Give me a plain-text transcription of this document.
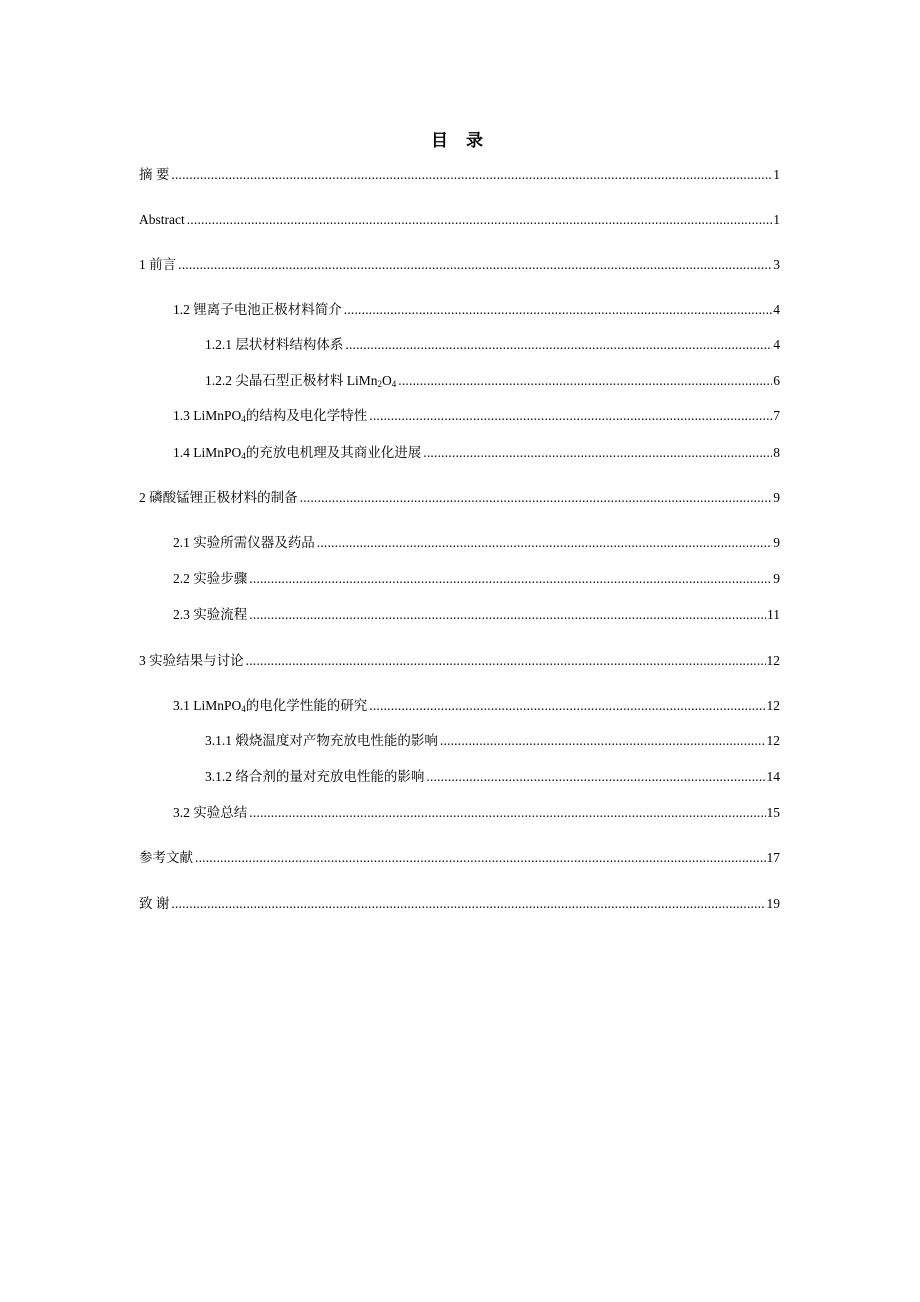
目 录
摘 要 .....	1
Abstract .....	1
1 前言 .....	3
1.2 锂离子电池正极材料简介 .....	4
1.2.1 层状材料结构体系 .....	4
1.2.2 尖晶石型正极材料 $LiMn_2O_4$ .....	6
1.3 LiMnPO$_4$的结构及电化学特性 .....	7
1.4 LiMnPO$_4$的充放电机理及其商业化进展 .....	8
2 磷酸锰锂正极材料的制备 .....	9
2.1 实验所需仪器及药品 .....	9
2.2 实验步骤 .....	9
2.3 实验流程 .....	11
3 实验结果与讨论 .....	12
3.1 LiMnPO$_4$的电化学性能的研究 .....	12
3.1.1 煅烧温度对产物充放电性能的影响 .....	12
3.1.2 络合剂的量对充放电性能的影响 .....	14
3.2 实验总结 .....	15
参考文献 .....	17
致 谢 .....	19
